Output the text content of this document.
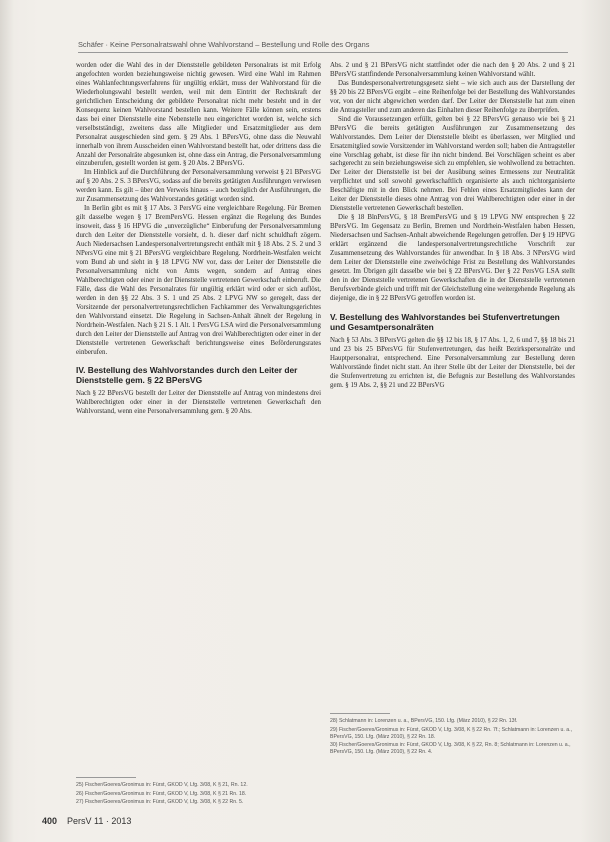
Schäfer · Keine Personalratswahl ohne Wahlvorstand – Bestellung und Rolle des Organs

worden oder die Wahl des in der Dienststelle gebildeten Personalrats ist mit Erfolg angefochten worden beziehungsweise nichtig gewesen. Wird eine Wahl im Rahmen eines Wahlanfechtungsverfahrens für ungültig erklärt, muss der Wahlvorstand für die Wiederholungswahl bestellt werden, weil mit dem Eintritt der Rechtskraft der gerichtlichen Entscheidung der gebildete Personalrat nicht mehr besteht und in der Konsequenz keinen Wahlvorstand bestellen kann. Weitere Fälle können sein, erstens dass bei einer Dienststelle eine Nebenstelle neu eingerichtet worden ist, welche sich verselbstständigt, zweitens dass alle Mitglieder und Ersatzmitglieder aus dem Personalrat ausgeschieden sind gem. § 29 Abs. 1 BPersVG, ohne dass die Neuwahl innerhalb von ihrem Ausscheiden einen Wahlvorstand bestellt hat, oder drittens dass die Anzahl der Personalräte abgesunken ist, ohne dass ein Antrag, die Personalversammlung einzuberufen, gestellt worden ist gem. § 20 Abs. 2 BPersVG.

Im Hinblick auf die Durchführung der Personalversammlung verweist § 21 BPersVG auf § 20 Abs. 2 S. 3 BPersVG, sodass auf die bereits getätigten Ausführungen verwiesen werden kann. Es gilt – über den Verweis hinaus – auch bezüglich der Ausführungen, die zur Zusammensetzung des Wahlvorstandes getätigt worden sind.

In Berlin gibt es mit § 17 Abs. 3 PersVG eine vergleichbare Regelung. Für Bremen gilt dasselbe wegen § 17 BremPersVG. Hessen ergänzt die Regelung des Bundes insoweit, dass § 16 HPVG die „unverzügliche“ Einberufung der Personalversammlung durch den Leiter der Dienststelle vorsieht, d. h. dieser darf nicht schuldhaft zögern. Auch Niedersachsen Landespersonalvertretungsrecht enthält mit § 18 Abs. 2 S. 2 und 3 NPersVG eine mit § 21 BPersVG vergleichbare Regelung. Nordrhein-Westfalen weicht vom Bund ab und sieht in § 18 LPVG NW vor, dass der Leiter der Dienststelle die Personalversammlung nicht von Amts wegen, sondern auf Antrag eines Wahlberechtigten oder einer in der Dienststelle vertretenen Gewerkschaft einberuft. Die Fälle, dass die Wahl des Personalrates für ungültig erklärt wird oder er sich auflöst, werden in den §§ 22 Abs. 3 S. 1 und 25 Abs. 2 LPVG NW so geregelt, dass der Vorsitzende der personalvertretungsrechtlichen Fachkammer des Verwaltungsgerichtes den Wahlvorstand einsetzt. Die Regelung in Sachsen-Anhalt ähnelt der Regelung in Nordrhein-Westfalen. Nach § 21 S. 1 Alt. 1 PersVG LSA wird die Personalversammlung durch den Leiter der Dienststelle auf Antrag von drei Wahlberechtigten oder einer in der Dienststelle vertretenen Gewerkschaft berichtungsweise eines Beförderungsrates einberufen.

IV. Bestellung des Wahlvorstandes durch den Leiter der Dienststelle gem. § 22 BPersVG

Nach § 22 BPersVG bestellt der Leiter der Dienststelle auf Antrag von mindestens drei Wahlberechtigten oder einer in der Dienststelle vertretenen Gewerkschaft den Wahlvorstand, wenn eine Personalversammlung gem. § 20 Abs.

Abs. 2 und § 21 BPersVG nicht stattfindet oder die nach den § 20 Abs. 2 und § 21 BPersVG stattfindende Personalversammlung keinen Wahlvorstand wählt.

Das Bundespersonalvertretungsgesetz sieht – wie sich auch aus der Darstellung der §§ 20 bis 22 BPersVG ergibt – eine Reihenfolge bei der Bestellung des Wahlvorstandes vor, von der nicht abgewichen werden darf. Der Leiter der Dienststelle hat zum einen die Antragsteller und zum anderen das Einhalten dieser Reihenfolge zu überprüfen.

Sind die Voraussetzungen erfüllt, gelten bei § 22 BPersVG genauso wie bei § 21 BPersVG die bereits getätigten Ausführungen zur Zusammensetzung des Wahlvorstandes. Dem Leiter der Dienststelle bleibt es überlassen, wer Mitglied und Ersatzmitglied sowie Vorsitzender im Wahlvorstand werden soll; haben die Antragsteller eine Vorschlag gehabt, ist diese für ihn nicht bindend. Bei Vorschlägen scheint es aber sachgerecht zu sein beziehungsweise sich zu empfehlen, sie wohlwollend zu betrachten. Der Leiter der Dienststelle ist bei der Ausübung seines Ermessens zur Neutralität verpflichtet und soll sowohl gewerkschaftlich organisierte als auch nichtorganisierte Beschäftigte mit in den Blick nehmen. Bei Fehlen eines Ersatzmitgliedes kann der Leiter der Dienststelle dieses ohne Antrag von drei Wahlberechtigten oder einer in der Dienststelle vertretenen Gewerkschaft bestellen.

Die § 18 BlnPersVG, § 18 BremPersVG und § 19 LPVG NW entsprechen § 22 BPersVG. Im Gegensatz zu Berlin, Bremen und Nordrhein-Westfalen haben Hessen, Niedersachsen und Sachsen-Anhalt abweichende Regelungen getroffen. Der § 19 HPVG erklärt ergänzend die landespersonalvertretungsrechtliche Vorschrift zur Zusammensetzung des Wahlvorstandes für anwendbar. In § 18 Abs. 3 NPersVG wird dem Leiter der Dienststelle eine zweiwöchige Frist zu Bestellung des Wahlvorstandes gesetzt. Im Übrigen gilt dasselbe wie bei § 22 BPersVG. Der § 22 PersVG LSA stellt den in der Dienststelle vertretenen Gewerkschaften die in der Dienststelle vertretenen Berufsverbände gleich und trifft mit der Gleichstellung eine weitergehende Regelung als diejenige, die in § 22 BPersVG getroffen worden ist.

V. Bestellung des Wahlvorstandes bei Stufenvertretungen und Gesamtpersonalräten

Nach § 53 Abs. 3 BPersVG gelten die §§ 12 bis 18, § 17 Abs. 1, 2, 6 und 7, §§ 18 bis 21 und 23 bis 25 BPersVG für Stufenvertretungen, das heißt Bezirkspersonalräte und Hauptpersonalrat, entsprechend. Eine Personalversammlung zur Bestellung deren Wahlvorstände findet nicht statt. An ihrer Stelle übt der Leiter der Dienststelle, bei der die Stufenvertretung zu errichten ist, die Befugnis zur Bestellung des Wahlvorstandes gem. § 19 Abs. 2, §§ 21 und 22 BPersVG

25) Fischer/Goeres/Gronimus in: Fürst, GKÖD V, Lfg. 3/08, K § 21, Rn. 12.
26) Fischer/Goeres/Gronimus in: Fürst, GKÖD V, Lfg. 3/08, K § 21 Rn. 18.
27) Fischer/Goeres/Gronimus in: Fürst, GKÖD V, Lfg. 3/08, K § 22 Rn. 5.
28) Schlatmann in: Lorenzen u. a., BPersVG, 150. Lfg. (März 2010), § 22 Rn. 13f.
29) Fischer/Goeres/Gronimus in: Fürst, GKÖD V, Lfg. 3/08, K § 22 Rn. 7f.; Schlatmann in: Lorenzen u. a., BPersVG, 150. Lfg. (März 2010), § 22 Rn. 18.
30) Fischer/Goeres/Gronimus in: Fürst, GKÖD V, Lfg. 3/08, K § 22, Rn. 8; Schlatmann in: Lorenzen u. a., BPersVG, 150. Lfg. (März 2010), § 22 Rn. 4.
400 PersV 11 · 2013
